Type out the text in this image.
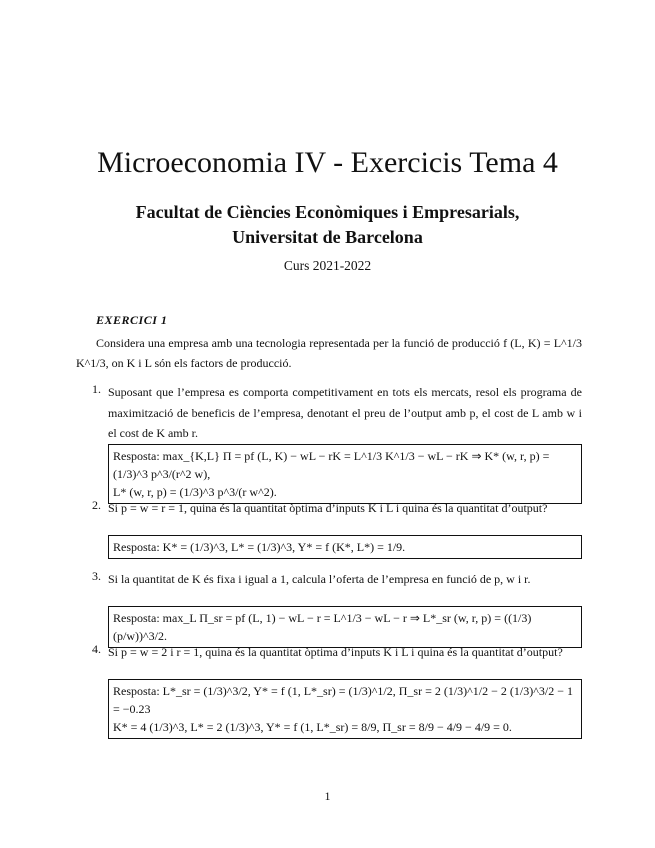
Microeconomia IV - Exercicis Tema 4
Facultat de Ciències Econòmiques i Empresarials,
Universitat de Barcelona
Curs 2021-2022
EXERCICI 1
Considera una empresa amb una tecnologia representada per la funció de producció f (L, K) = L^1/3 K^1/3, on K i L són els factors de producció.
1. Suposant que l’empresa es comporta competitivament en tots els mercats, resol els programa de maximització de beneficis de l’empresa, denotant el preu de l’output amb p, el cost de L amb w i el cost de K amb r.
Resposta: max_{K,L} Π = pf (L, K) − wL − rK = L^1/3 K^1/3 − wL − rK ⇒ K* (w, r, p) = (1/3)^3 p^3/(r^2 w),
L* (w, r, p) = (1/3)^3 p^3/(r w^2).
2. Si p = w = r = 1, quina és la quantitat òptima d’inputs K i L i quina és la quantitat d’output?
Resposta: K* = (1/3)^3, L* = (1/3)^3, Y* = f (K*, L*) = 1/9.
3. Si la quantitat de K és fixa i igual a 1, calcula l’oferta de l’empresa en funció de p, w i r.
Resposta: max_L Π_sr = pf (L, 1) − wL − r = L^1/3 − wL − r ⇒ L*_sr (w, r, p) = ((1/3)(p/w))^3/2.
4. Si p = w = 2 i r = 1, quina és la quantitat òptima d’inputs K i L i quina és la quantitat d’output?
Resposta: L*_sr = (1/3)^3/2, Y* = f (1, L*_sr) = (1/3)^1/2, Π_sr = 2 (1/3)^1/2 − 2 (1/3)^3/2 − 1 = −0.23
K* = 4 (1/3)^3, L* = 2 (1/3)^3, Y* = f (1, L*_sr) = 8/9, Π_sr = 8/9 − 4/9 − 4/9 = 0.
1
